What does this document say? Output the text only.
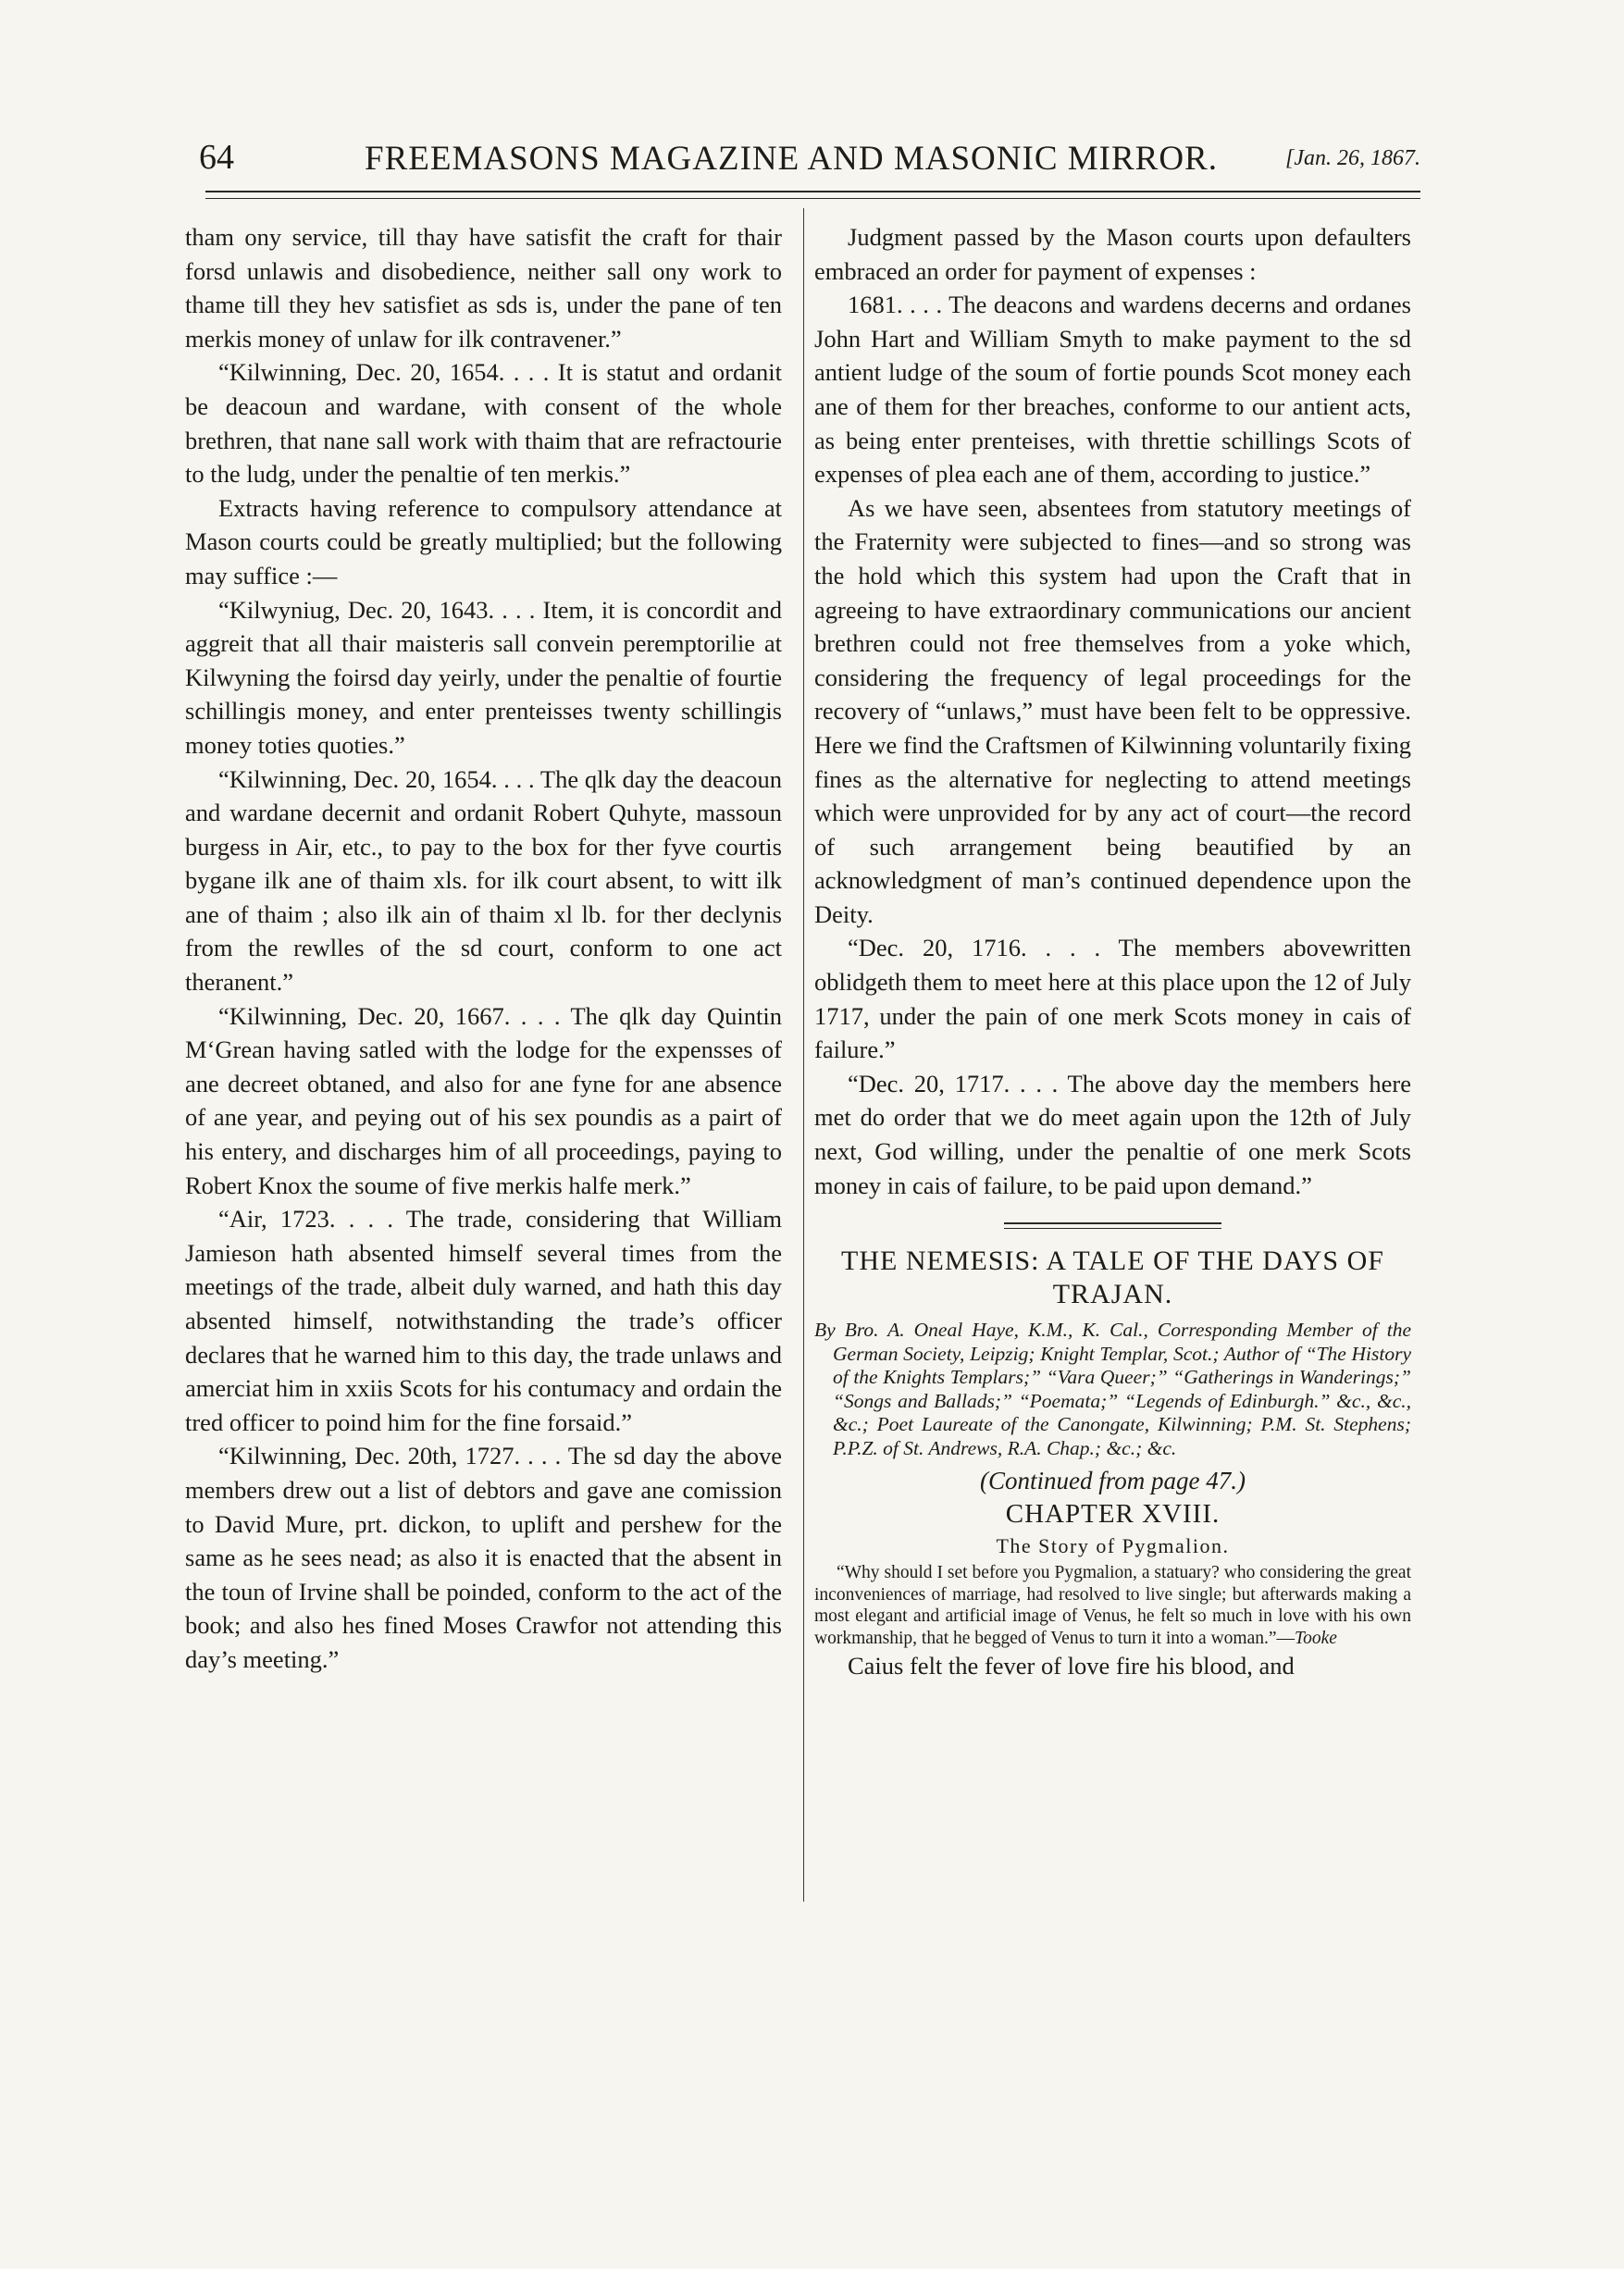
64	FREEMASONS MAGAZINE AND MASONIC MIRROR.	[Jan. 26, 1867.

tham ony service, till thay have satisfit the craft for thair forsd unlawis and disobedience, neither sall ony work to thame till they hev satisfiet as sds is, under the pane of ten merkis money of unlaw for ilk contravener.”

“Kilwinning, Dec. 20, 1654. . . . It is statut and ordanit be deacoun and wardane, with consent of the whole brethren, that nane sall work with thaim that are refractourie to the ludg, under the penaltie of ten merkis.”

Extracts having reference to compulsory attendance at Mason courts could be greatly multiplied; but the following may suffice :—

“Kilwyniug, Dec. 20, 1643. . . . Item, it is concordit and aggreit that all thair maisteris sall convein peremptorilie at Kilwyning the foirsd day yeirly, under the penaltie of fourtie schillingis money, and enter prenteisses twenty schillingis money toties quoties.”

“Kilwinning, Dec. 20, 1654. . . . The qlk day the deacoun and wardane decernit and ordanit Robert Quhyte, massoun burgess in Air, etc., to pay to the box for ther fyve courtis bygane ilk ane of thaim xls. for ilk court absent, to witt ilk ane of thaim ; also ilk ain of thaim xl lb. for ther declynis from the rewlles of the sd court, conform to one act theranent.”

“Kilwinning, Dec. 20, 1667. . . . The qlk day Quintin M‘Grean having satled with the lodge for the expensses of ane decreet obtaned, and also for ane fyne for ane absence of ane year, and peying out of his sex poundis as a pairt of his entery, and discharges him of all proceedings, paying to Robert Knox the soume of five merkis halfe merk.”

“Air, 1723. . . . The trade, considering that William Jamieson hath absented himself several times from the meetings of the trade, albeit duly warned, and hath this day absented himself, notwithstanding the trade’s officer declares that he warned him to this day, the trade unlaws and amerciat him in xxiis Scots for his contumacy and ordain the tred officer to poind him for the fine forsaid.”

“Kilwinning, Dec. 20th, 1727. . . . The sd day the above members drew out a list of debtors and gave ane comission to David Mure, prt. dickon, to uplift and pershew for the same as he sees nead; as also it is enacted that the absent in the toun of Irvine shall be poinded, conform to the act of the book; and also hes fined Moses Crawfor not attending this day’s meeting.”

Judgment passed by the Mason courts upon defaulters embraced an order for payment of expenses :

1681. . . . The deacons and wardens decerns and ordanes John Hart and William Smyth to make payment to the sd antient ludge of the soum of fortie pounds Scot money each ane of them for ther breaches, conforme to our antient acts, as being enter prenteises, with threttie schillings Scots of expenses of plea each ane of them, according to justice.”

As we have seen, absentees from statutory meetings of the Fraternity were subjected to fines—and so strong was the hold which this system had upon the Craft that in agreeing to have extraordinary communications our ancient brethren could not free themselves from a yoke which, considering the frequency of legal proceedings for the recovery of “unlaws,” must have been felt to be oppressive. Here we find the Craftsmen of Kilwinning voluntarily fixing fines as the alternative for neglecting to attend meetings which were unprovided for by any act of court—the record of such arrangement being beautified by an acknowledgment of man’s continued dependence upon the Deity.

“Dec. 20, 1716. . . . The members abovewritten oblidgeth them to meet here at this place upon the 12 of July 1717, under the pain of one merk Scots money in cais of failure.”

“Dec. 20, 1717. . . . The above day the members here met do order that we do meet again upon the 12th of July next, God willing, under the penaltie of one merk Scots money in cais of failure, to be paid upon demand.”

THE NEMESIS: A TALE OF THE DAYS OF TRAJAN.
By Bro. A. Oneal Haye, K.M., K. Cal., Corresponding Member of the German Society, Leipzig; Knight Templar, Scot.; Author of “The History of the Knights Templars;” “Vara Queer;” “Gatherings in Wanderings;” “Songs and Ballads;” “Poemata;” “Legends of Edinburgh.” &c., &c., &c.; Poet Laureate of the Canongate, Kilwinning; P.M. St. Stephens; P.P.Z. of St. Andrews, R.A. Chap.; &c.; &c.
(Continued from page 47.)
CHAPTER XVIII.
The Story of Pygmalion.

“Why should I set before you Pygmalion, a statuary? who considering the great inconveniences of marriage, had resolved to live single; but afterwards making a most elegant and artificial image of Venus, he felt so much in love with his own workmanship, that he begged of Venus to turn it into a woman.”—Tooke

Caius felt the fever of love fire his blood, and
